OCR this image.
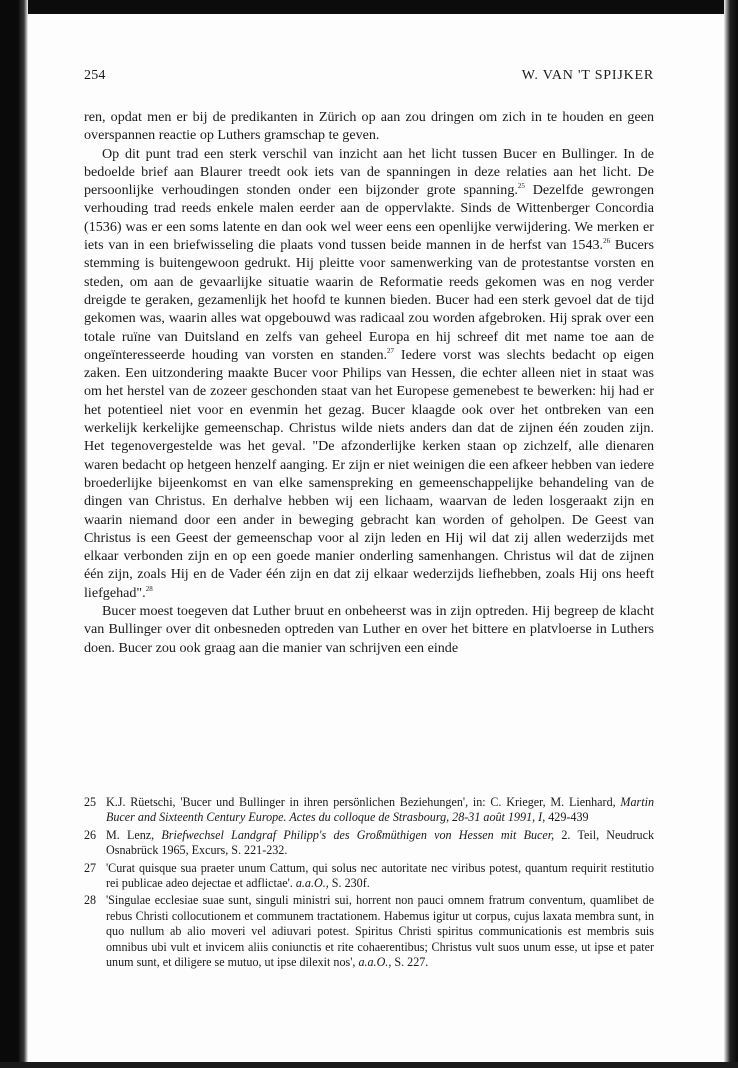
254	W. VAN 'T SPIJKER

ren, opdat men er bij de predikanten in Zürich op aan zou dringen om zich in te houden en geen overspannen reactie op Luthers gramschap te geven.

Op dit punt trad een sterk verschil van inzicht aan het licht tussen Bucer en Bullinger. In de bedoelde brief aan Blaurer treedt ook iets van de spanningen in deze relaties aan het licht. De persoonlijke verhoudingen stonden onder een bijzonder grote spanning.$^{25}$ Dezelfde gewrongen verhouding trad reeds enkele malen eerder aan de oppervlakte. Sinds de Wittenberger Concordia (1536) was er een soms latente en dan ook wel weer eens een openlijke verwijdering. We merken er iets van in een briefwisseling die plaats vond tussen beide mannen in de herfst van 1543.26 Bucers stemming is buitengewoon gedrukt. Hij pleitte voor samenwerking van de protestantse vorsten en steden, om aan de gevaarlijke situatie waarin de Reformatie reeds gekomen was en nog verder dreigde te geraken, gezamenlijk het hoofd te kunnen bieden. Bucer had een sterk gevoel dat de tijd gekomen was, waarin alles wat opgebouwd was radicaal zou worden afgebroken. Hij sprak over een totale ruïne van Duitsland en zelfs van geheel Europa en hij schreef dit met name toe aan de ongeïnteresseerde houding van vorsten en standen.$^{27}$ Iedere vorst was slechts bedacht op eigen zaken. Een uitzondering maakte Bucer voor Philips van Hessen, die echter alleen niet in staat was om het herstel van de zozeer geschonden staat van het Europese gemenebest te bewerken: hij had er het potentieel niet voor en evenmin het gezag. Bucer klaagde ook over het ontbreken van een werkelijk kerkelijke gemeenschap. Christus wilde niets anders dan dat de zijnen één zouden zijn. Het tegenovergestelde was het geval. "De afzonderlijke kerken staan op zichzelf, alle dienaren waren bedacht op hetgeen henzelf aanging. Er zijn er niet weinigen die een afkeer hebben van iedere broederlijke bijeenkomst en van elke samenspreking en gemeenschappelijke behandeling van de dingen van Christus. En derhalve hebben wij een lichaam, waarvan de leden losgeraakt zijn en waarin niemand door een ander in beweging gebracht kan worden of geholpen. De Geest van Christus is een Geest der gemeenschap voor al zijn leden en Hij wil dat zij allen wederzijds met elkaar verbonden zijn en op een goede manier onderling samenhangen. Christus wil dat de zijnen één zijn, zoals Hij en de Vader één zijn en dat zij elkaar wederzijds liefhebben, zoals Hij ons heeft liefgehad".$^{28}$

Bucer moest toegeven dat Luther bruut en onbeheerst was in zijn optreden. Hij begreep de klacht van Bullinger over dit onbesneden optreden van Luther en over het bittere en platvloerse in Luthers doen. Bucer zou ook graag aan die manier van schrijven een einde

25 K.J. Rüetschi, 'Bucer und Bullinger in ihren persönlichen Beziehungen', in: C. Krieger, M. Lienhard, Martin Bucer and Sixteenth Century Europe. Actes du colloque de Strasbourg, 28-31 août 1991, I, 429-439
26 M. Lenz, Briefwechsel Landgraf Philipp's des Großmüthigen von Hessen mit Bucer, 2. Teil, Neudruck Osnabrück 1965, Excurs, S. 221-232.
27 'Curat quisque sua praeter unum Cattum, qui solus nec autoritate nec viribus potest, quantum requirit restitutio rei publicae adeo dejectae et adflictae'. a.a.O., S. 230f.
28 'Singulae ecclesiae suae sunt, singuli ministri sui, horrent non pauci omnem fratrum conventum, quamlibet de rebus Christi collocutionem et communem tractationem. Habemus igitur ut corpus, cujus laxata membra sunt, in quo nullum ab alio moveri vel adiuvari potest. Spiritus Christi spiritus communicationis est membris suis omnibus ubi vult et invicem aliis coniunctis et rite cohaerentibus; Christus vult suos unum esse, ut ipse et pater unum sunt, et diligere se mutuo, ut ipse dilexit nos', a.a.O., S. 227.
